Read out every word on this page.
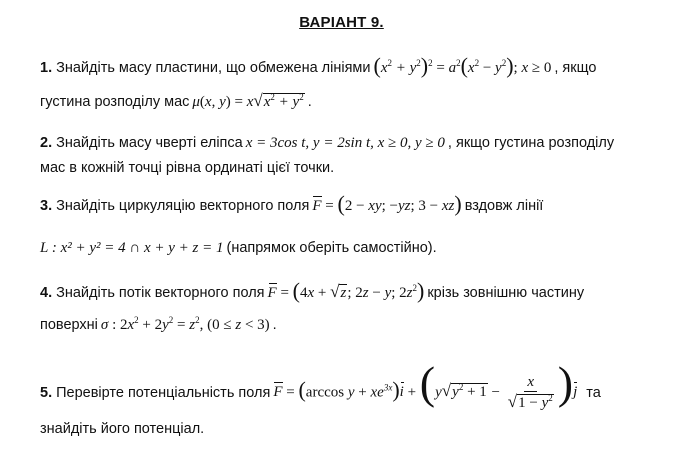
ВАРІАНТ 9.
1. Знайдіть масу пластини, що обмежена лініями $(x^2 + y^2)^2 = a^2(x^2 - y^2)$; x ≥ 0 , якщо
густина розподілу мас μ(x, $y) = x√x^2 + y^2$ .
2. Знайдіть масу чверті еліпса x = 3cos t, y = 2sin t, x ≥ 0, y ≥ 0 , якщо густина розподілу
мас в кожній точці рівна ординаті цієї точки.
3. Знайдіть циркуляцію векторного поля F = (2 − xy; −yz; 3 − xz) вздовж лінії
L : x² + y² = 4 ∩ x + y + z = 1 (напрямок оберіть самостійно).
4. Знайдіть потік векторного поля F = (4x + √z; 2z − y; $2z^2$) крізь зовнішню частину
поверхні σ : $2x^2 + 2y^2 = z^2$, (0 ≤ z < 3) .
5. Перевірте потенціальність поля F = (arccos $y + xe^{3x})i + (y√y^2 + 1 - \frac{x}{√1 - y^2} )j$ та
знайдіть його потенціал.
